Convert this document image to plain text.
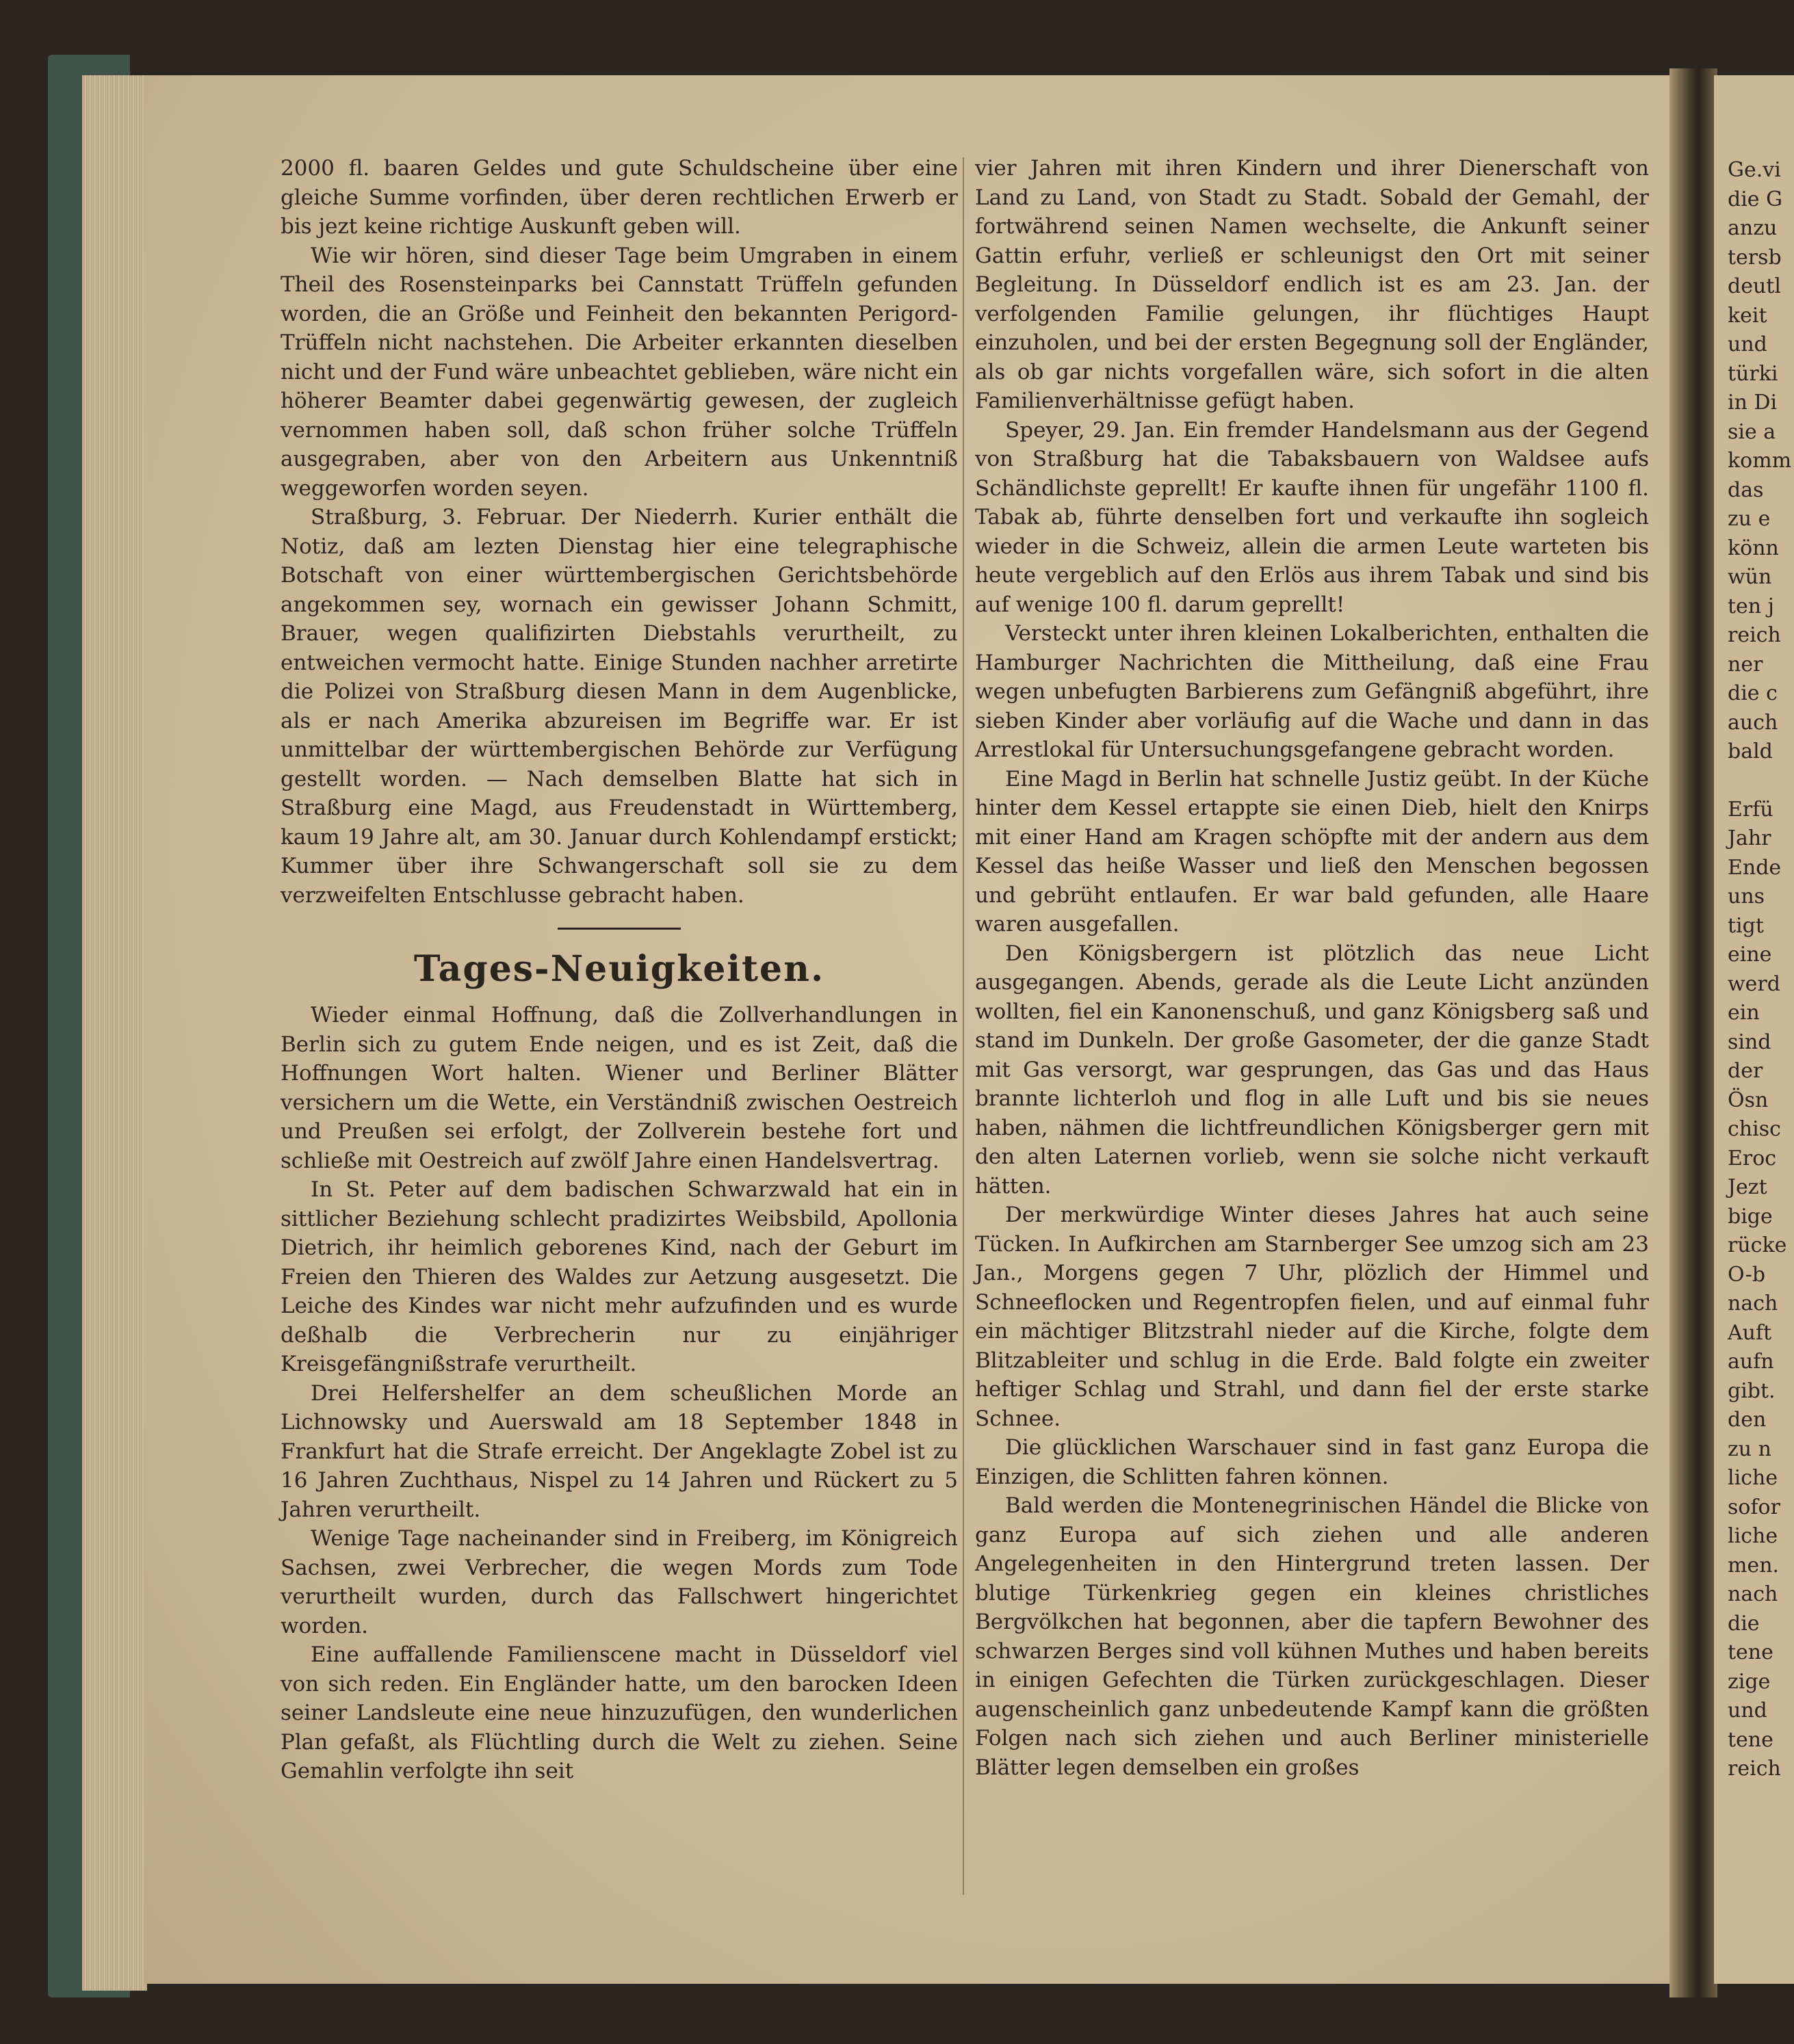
Ge.vi
die G
anzu
tersb
deutl
keit
und
türki
in Di
sie a
komm
das
zu e
könn
wün
ten j
reich
ner
die c
auch
bald
Erfü
Jahr
Ende
uns
tigt
eine
werd
ein
sind
der
Ösn
chisc
Eroc
Jezt
bige
rücke
O-b
nach
Auft
aufn
gibt.
den
zu n
liche
sofor
liche
men.
nach
die
tene
zige
und
tene
reich

2000 fl. baaren Geldes und gute Schuldscheine über eine gleiche Summe vorfinden, über deren rechtlichen Erwerb er bis jezt keine richtige Auskunft geben will.

Wie wir hören, sind dieser Tage beim Umgraben in einem Theil des Rosensteinparks bei Cannstatt Trüffeln gefunden worden, die an Größe und Feinheit den bekannten Perigord-Trüffeln nicht nachstehen. Die Arbeiter erkannten dieselben nicht und der Fund wäre unbeachtet geblieben, wäre nicht ein höherer Beamter dabei gegenwärtig gewesen, der zugleich vernommen haben soll, daß schon früher solche Trüffeln ausgegraben, aber von den Arbeitern aus Unkenntniß weggeworfen worden seyen.

Straßburg, 3. Februar. Der Niederrh. Kurier enthält die Notiz, daß am lezten Dienstag hier eine telegraphische Botschaft von einer württembergischen Gerichtsbehörde angekommen sey, wornach ein gewisser Johann Schmitt, Brauer, wegen qualifizirten Diebstahls verurtheilt, zu entweichen vermocht hatte. Einige Stunden nachher arretirte die Polizei von Straßburg diesen Mann in dem Augenblicke, als er nach Amerika abzureisen im Begriffe war. Er ist unmittelbar der württembergischen Behörde zur Verfügung gestellt worden. — Nach demselben Blatte hat sich in Straßburg eine Magd, aus Freudenstadt in Württemberg, kaum 19 Jahre alt, am 30. Januar durch Kohlendampf erstickt; Kummer über ihre Schwangerschaft soll sie zu dem verzweifelten Entschlusse gebracht haben.

Tages-Neuigkeiten.

Wieder einmal Hoffnung, daß die Zollverhandlungen in Berlin sich zu gutem Ende neigen, und es ist Zeit, daß die Hoffnungen Wort halten. Wiener und Berliner Blätter versichern um die Wette, ein Verständniß zwischen Oestreich und Preußen sei erfolgt, der Zollverein bestehe fort und schließe mit Oestreich auf zwölf Jahre einen Handelsvertrag.

In St. Peter auf dem badischen Schwarzwald hat ein in sittlicher Beziehung schlecht pradizirtes Weibsbild, Apollonia Dietrich, ihr heimlich geborenes Kind, nach der Geburt im Freien den Thieren des Waldes zur Aetzung ausgesetzt. Die Leiche des Kindes war nicht mehr aufzufinden und es wurde deßhalb die Verbrecherin nur zu einjähriger Kreisgefängnißstrafe verurtheilt.

Drei Helfershelfer an dem scheußlichen Morde an Lichnowsky und Auerswald am 18 September 1848 in Frankfurt hat die Strafe erreicht. Der Angeklagte Zobel ist zu 16 Jahren Zuchthaus, Nispel zu 14 Jahren und Rückert zu 5 Jahren verurtheilt.

Wenige Tage nacheinander sind in Freiberg, im Königreich Sachsen, zwei Verbrecher, die wegen Mords zum Tode verurtheilt wurden, durch das Fallschwert hingerichtet worden.

Eine auffallende Familienscene macht in Düsseldorf viel von sich reden. Ein Engländer hatte, um den barocken Ideen seiner Landsleute eine neue hinzuzufügen, den wunderlichen Plan gefaßt, als Flüchtling durch die Welt zu ziehen. Seine Gemahlin verfolgte ihn seit

vier Jahren mit ihren Kindern und ihrer Dienerschaft von Land zu Land, von Stadt zu Stadt. Sobald der Gemahl, der fortwährend seinen Namen wechselte, die Ankunft seiner Gattin erfuhr, verließ er schleunigst den Ort mit seiner Begleitung. In Düsseldorf endlich ist es am 23. Jan. der verfolgenden Familie gelungen, ihr flüchtiges Haupt einzuholen, und bei der ersten Begegnung soll der Engländer, als ob gar nichts vorgefallen wäre, sich sofort in die alten Familienverhältnisse gefügt haben.

Speyer, 29. Jan. Ein fremder Handelsmann aus der Gegend von Straßburg hat die Tabaksbauern von Waldsee aufs Schändlichste geprellt! Er kaufte ihnen für ungefähr 1100 fl. Tabak ab, führte denselben fort und verkaufte ihn sogleich wieder in die Schweiz, allein die armen Leute warteten bis heute vergeblich auf den Erlös aus ihrem Tabak und sind bis auf wenige 100 fl. darum geprellt!

Versteckt unter ihren kleinen Lokalberichten, enthalten die Hamburger Nachrichten die Mittheilung, daß eine Frau wegen unbefugten Barbierens zum Gefängniß abgeführt, ihre sieben Kinder aber vorläufig auf die Wache und dann in das Arrestlokal für Untersuchungsgefangene gebracht worden.

Eine Magd in Berlin hat schnelle Justiz geübt. In der Küche hinter dem Kessel ertappte sie einen Dieb, hielt den Knirps mit einer Hand am Kragen schöpfte mit der andern aus dem Kessel das heiße Wasser und ließ den Menschen begossen und gebrüht entlaufen. Er war bald gefunden, alle Haare waren ausgefallen.

Den Königsbergern ist plötzlich das neue Licht ausgegangen. Abends, gerade als die Leute Licht anzünden wollten, fiel ein Kanonenschuß, und ganz Königsberg saß und stand im Dunkeln. Der große Gasometer, der die ganze Stadt mit Gas versorgt, war gesprungen, das Gas und das Haus brannte lichterloh und flog in alle Luft und bis sie neues haben, nähmen die lichtfreundlichen Königsberger gern mit den alten Laternen vorlieb, wenn sie solche nicht verkauft hätten.

Der merkwürdige Winter dieses Jahres hat auch seine Tücken. In Aufkirchen am Starnberger See umzog sich am 23 Jan., Morgens gegen 7 Uhr, plözlich der Himmel und Schneeflocken und Regentropfen fielen, und auf einmal fuhr ein mächtiger Blitzstrahl nieder auf die Kirche, folgte dem Blitzableiter und schlug in die Erde. Bald folgte ein zweiter heftiger Schlag und Strahl, und dann fiel der erste starke Schnee.

Die glücklichen Warschauer sind in fast ganz Europa die Einzigen, die Schlitten fahren können.

Bald werden die Montenegrinischen Händel die Blicke von ganz Europa auf sich ziehen und alle anderen Angelegenheiten in den Hintergrund treten lassen. Der blutige Türkenkrieg gegen ein kleines christliches Bergvölkchen hat begonnen, aber die tapfern Bewohner des schwarzen Berges sind voll kühnen Muthes und haben bereits in einigen Gefechten die Türken zurückgeschlagen. Dieser augenscheinlich ganz unbedeutende Kampf kann die größten Folgen nach sich ziehen und auch Berliner ministerielle Blätter legen demselben ein großes
